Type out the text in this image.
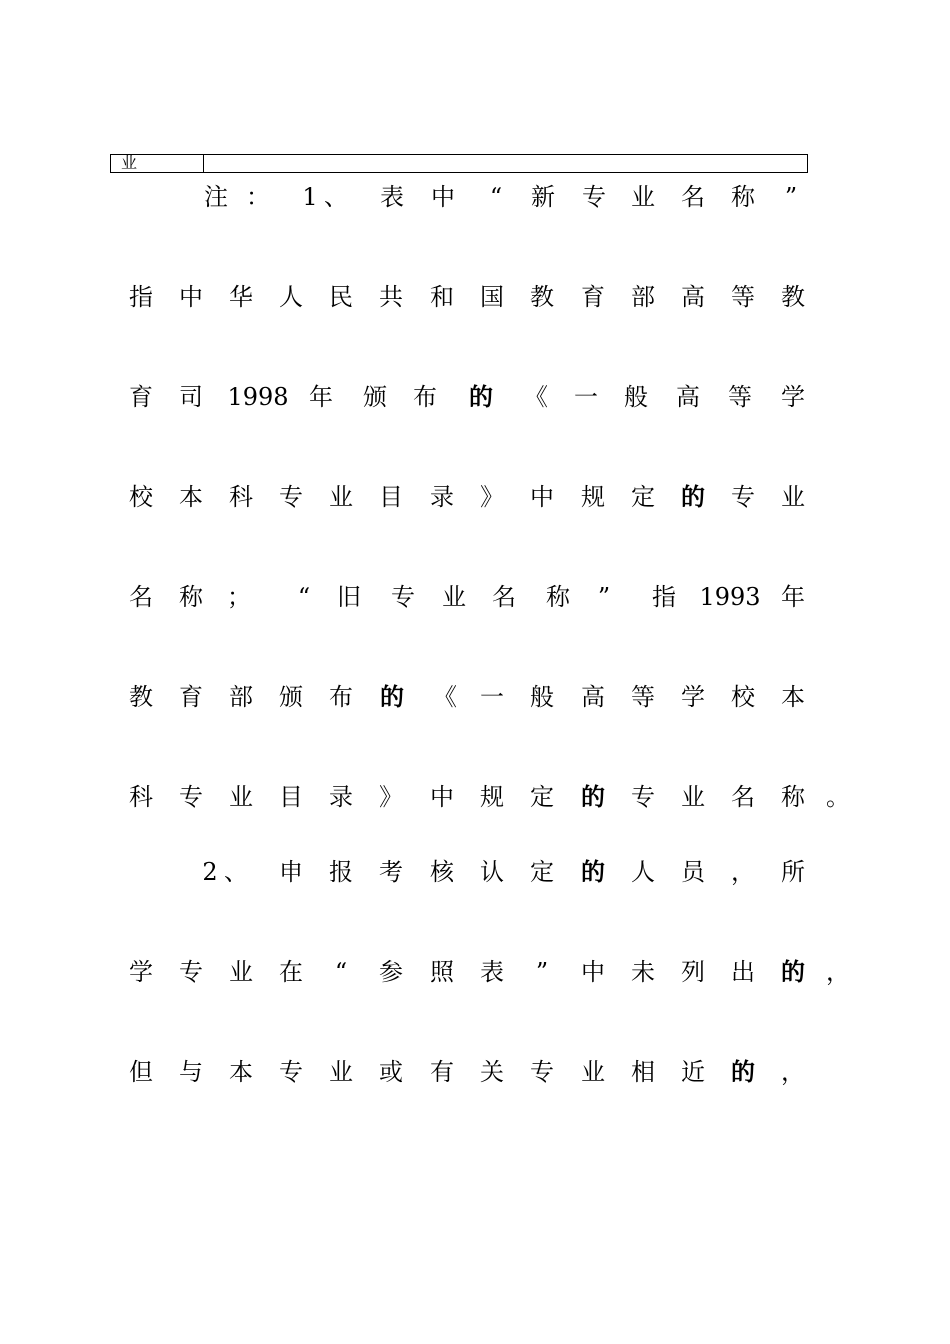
业
注 ： 1 、 表 中 “ 新 专 业 名 称 ”
指 中 华 人 民 共 和 国 教 育 部 高 等 教
育 司 1998 年 颁 布 的 《 一 般 高 等 学
校 本 科 专 业 目 录 》 中 规 定 的 专 业
名 称 ； “ 旧 专 业 名 称 ” 指 1993 年
教 育 部 颁 布 的 《 一 般 高 等 学 校 本
科 专 业 目 录 》 中 规 定 的 专 业 名 称 。
2 、 申 报 考 核 认 定 的 人 员 ， 所
学 专 业 在 “ 参 照 表 ” 中 未 列 出 的 ，
但 与 本 专 业 或 有 关 专 业 相 近 的 ，
